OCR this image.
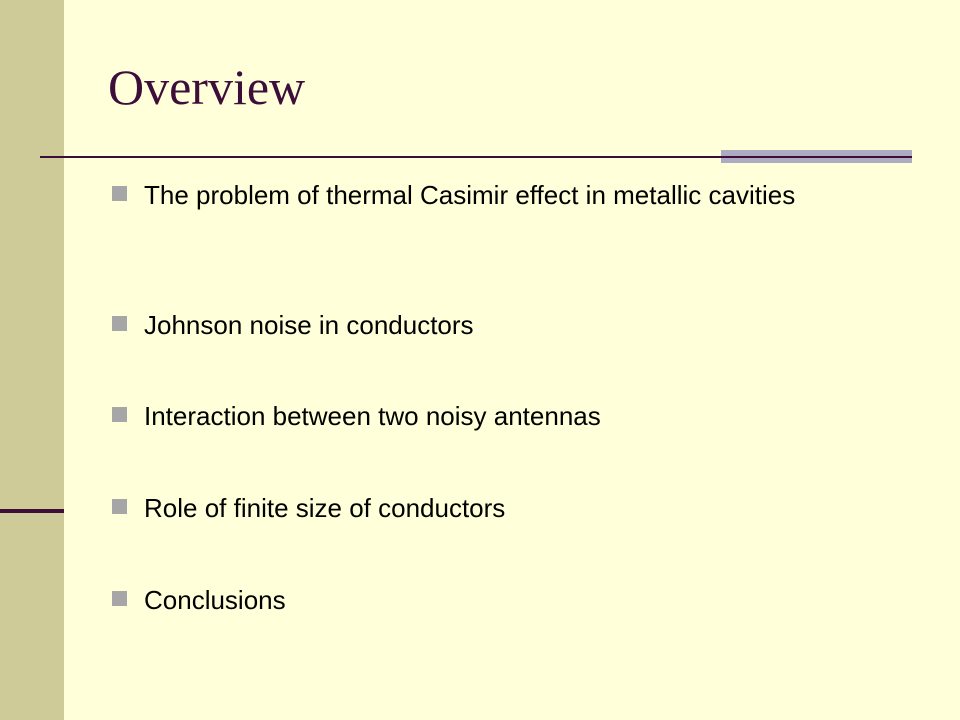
Overview
The problem of thermal Casimir effect in metallic cavities
Johnson noise in conductors
Interaction between two noisy antennas
Role of finite size of conductors
Conclusions
